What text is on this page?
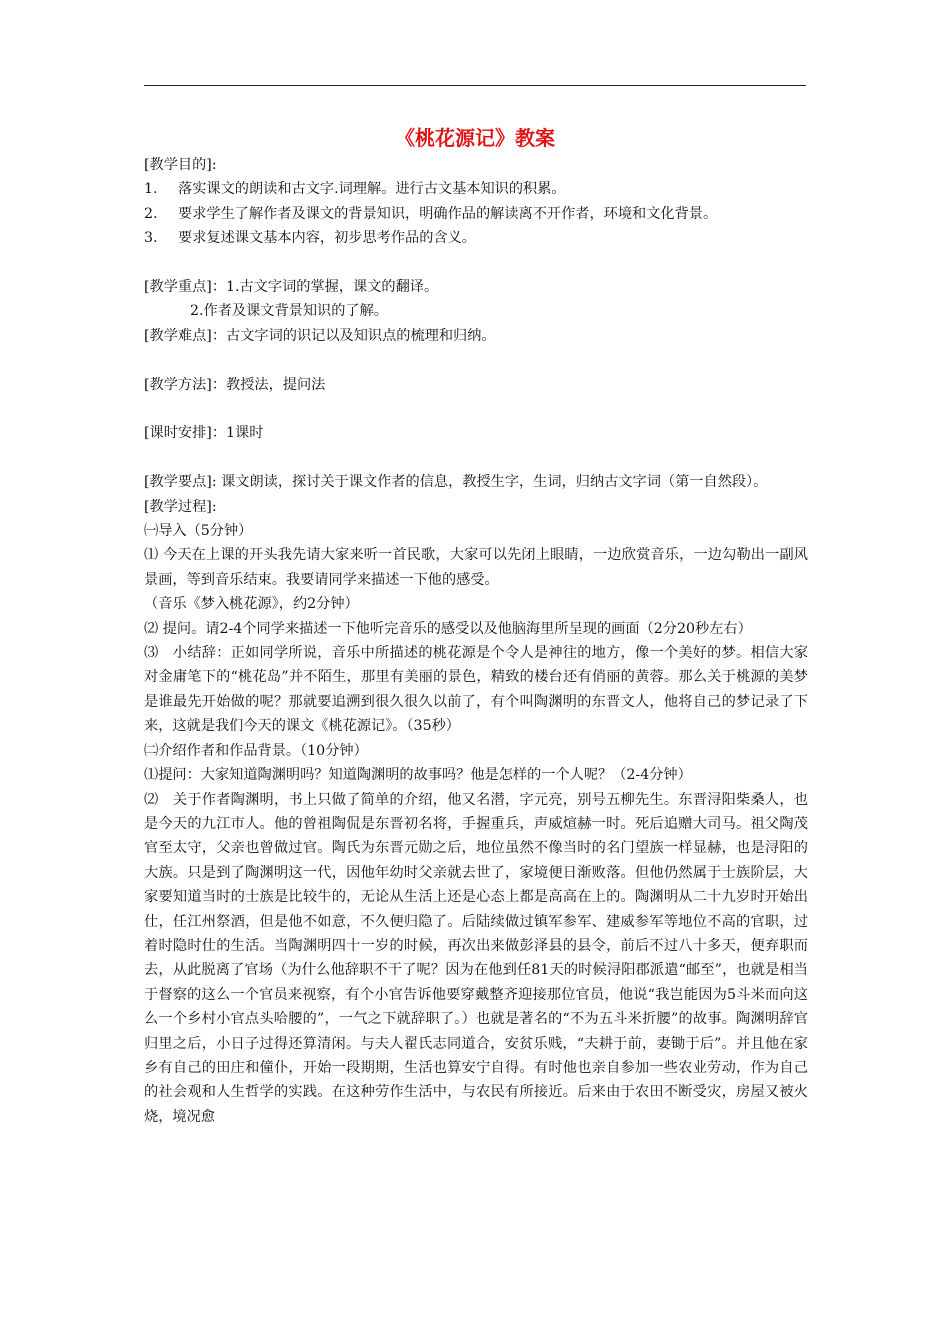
《桃花源记》教案

[教学目的]:

1.	落实课文的朗读和古文字.词理解。进行古文基本知识的积累。
2.	要求学生了解作者及课文的背景知识，明确作品的解读离不开作者，环境和文化背景。
3.	要求复述课文基本内容，初步思考作品的含义。

[教学重点]：1.古文字词的掌握，课文的翻译。

2.作者及课文背景知识的了解。

[教学难点]：古文字词的识记以及知识点的梳理和归纳。

[教学方法]：教授法，提问法

[课时安排]：1课时

[教学要点]: 课文朗读，探讨关于课文作者的信息，教授生字，生词，归纳古文字词（第一自然段）。

[教学过程]:

㈠导入（5分钟）

⑴ 今天在上课的开头我先请大家来听一首民歌，大家可以先闭上眼睛，一边欣赏音乐，一边勾勒出一副风景画，等到音乐结束。我要请同学来描述一下他的感受。

（音乐《梦入桃花源》，约2分钟）

⑵ 提问。请2-4个同学来描述一下他听完音乐的感受以及他脑海里所呈现的画面（2分20秒左右）

⑶　小结辞：正如同学所说，音乐中所描述的桃花源是个令人是神往的地方，像一个美好的梦。相信大家对金庸笔下的“桃花岛”并不陌生，那里有美丽的景色，精致的楼台还有俏丽的黄蓉。那么关于桃源的美梦是谁最先开始做的呢？那就要追溯到很久很久以前了，有个叫陶渊明的东晋文人，他将自己的梦记录了下来，这就是我们今天的课文《桃花源记》。（35秒）

㈡介绍作者和作品背景。（10分钟）

⑴提问：大家知道陶渊明吗？知道陶渊明的故事吗？他是怎样的一个人呢？（2-4分钟）

⑵　关于作者陶渊明，书上只做了简单的介绍，他又名潜，字元亮，别号五柳先生。东晋浔阳柴桑人，也是今天的九江市人。他的曾祖陶侃是东晋初名将，手握重兵，声威煊赫一时。死后追赠大司马。祖父陶茂官至太守，父亲也曾做过官。陶氏为东晋元勋之后，地位虽然不像当时的名门望族一样显赫，也是浔阳的大族。只是到了陶渊明这一代，因他年幼时父亲就去世了，家境便日渐败落。但他仍然属于士族阶层，大家要知道当时的士族是比较牛的，无论从生活上还是心态上都是高高在上的。陶渊明从二十九岁时开始出仕，任江州祭酒，但是他不如意，不久便归隐了。后陆续做过镇军参军、建威参军等地位不高的官职，过着时隐时仕的生活。当陶渊明四十一岁的时候，再次出来做彭泽县的县令，前后不过八十多天，便弃职而去，从此脱离了官场（为什么他辞职不干了呢？因为在他到任81天的时候浔阳郡派遣“邮至”，也就是相当于督察的这么一个官员来视察，有个小官告诉他要穿戴整齐迎接那位官员，他说“我岂能因为5斗米而向这么一个乡村小官点头哈腰的”，一气之下就辞职了。）也就是著名的“不为五斗米折腰”的故事。陶渊明辞官归里之后，小日子过得还算清闲。与夫人翟氏志同道合，安贫乐贱，“夫耕于前，妻锄于后”。并且他在家乡有自己的田庄和僮仆，开始一段期期，生活也算安宁自得。有时他也亲自参加一些农业劳动，作为自己的社会观和人生哲学的实践。在这种劳作生活中，与农民有所接近。后来由于农田不断受灾，房屋又被火烧，境况愈
